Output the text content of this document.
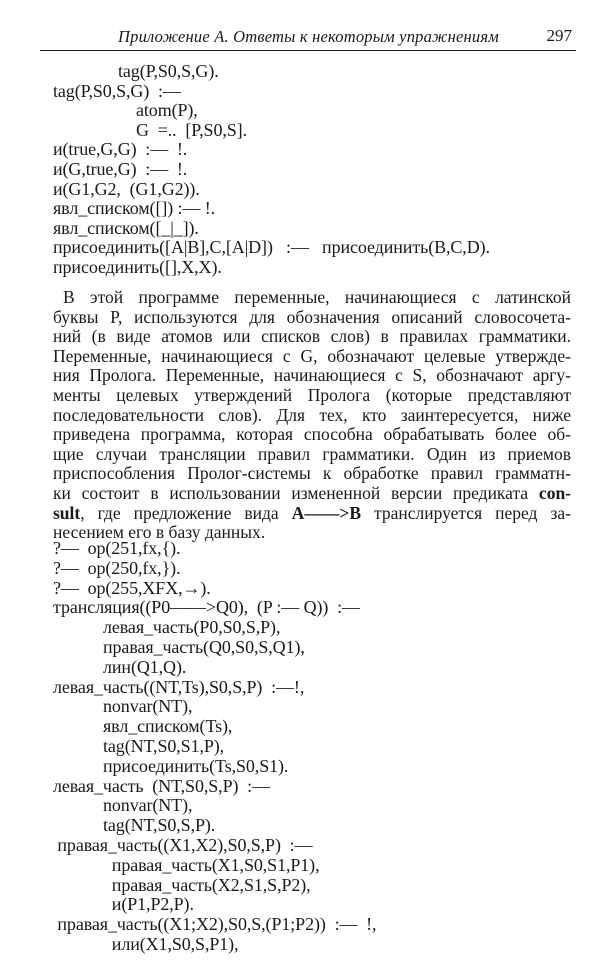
Приложение А. Ответы к некоторым упражнениям	297
tag(P,S0,S,G).
tag(P,S0,S,G)  :—
atom(P),
G  =..  [P,S0,S].
и(true,G,G)  :—  !.
и(G,true,G)  :—  !.
и(G1,G2,  (G1,G2)).
явл_списком([]) :— !.
явл_списком([_|_]).
присоединить([A|B],C,[A|D])   :—   присоединить(B,C,D).
присоединить([],X,X).
В этой программе переменные, начинающиеся с латинской
буквы P, используются для обозначения описаний словосочета-
ний (в виде атомов или списков слов) в правилах грамматики.
Переменные, начинающиеся с G, обозначают целевые утвержде-
ния Пролога. Переменные, начинающиеся с S, обозначают аргу-
менты целевых утверждений Пролога (которые представляют
последовательности слов). Для тех, кто заинтересуется, ниже
приведена программа, которая способна обрабатывать более об-
щие случаи трансляции правил грамматики. Один из приемов
приспособления Пролог-системы к обработке правил грамматн-
ки состоит в использовании измененной версии предиката con-
sult, где предложение вида A——>B транслируется перед за-
несением его в базу данных.
?—  op(251,fx,{).
?—  op(250,fx,}).
?—  op(255,XFX,→).
трансляция((P0——>Q0),  (P :— Q))  :—
левая_часть(P0,S0,S,P),
правая_часть(Q0,S0,S,Q1),
лин(Q1,Q).
левая_часть((NT,Ts),S0,S,P)  :—!,
nonvar(NT),
явл_списком(Ts),
tag(NT,S0,S1,P),
присоединить(Ts,S0,S1).
левая_часть  (NT,S0,S,P)  :—
nonvar(NT),
tag(NT,S0,S,P).
правая_часть((X1,X2),S0,S,P)  :—
правая_часть(X1,S0,S1,P1),
правая_часть(X2,S1,S,P2),
и(P1,P2,P).
правая_часть((X1;X2),S0,S,(P1;P2))  :—  !,
или(X1,S0,S,P1),
